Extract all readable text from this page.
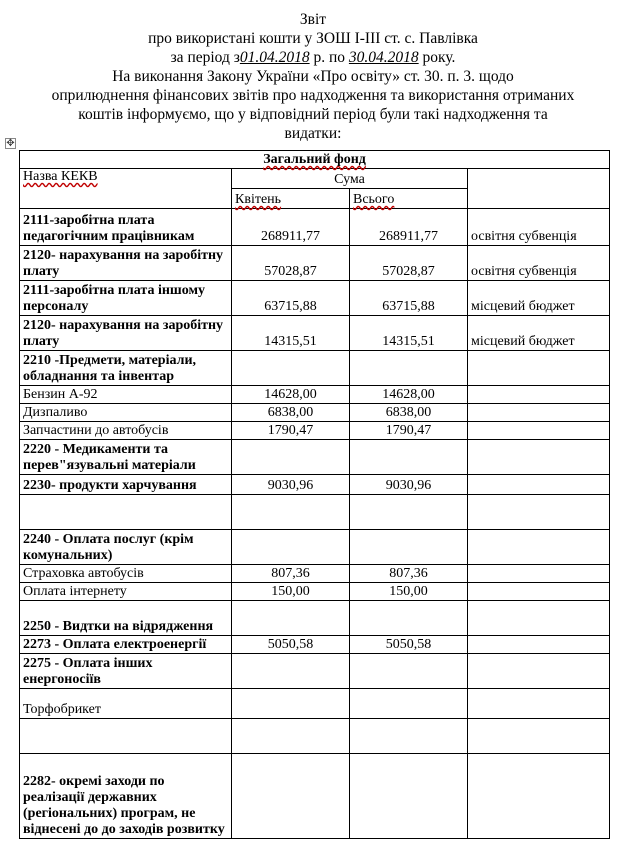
Звіт
про використані кошти у ЗОШ І-ІІІ ст. с. Павлівка
за період з01.04.2018 р. по 30.04.2018 року.
На виконання Закону України «Про освіту» ст. 30. п. 3. щодо
оприлюднення фінансових звітів про надходження та використання отриманих
коштів інформуємо, що у відповідний період були такі надходження та
видатки:
✥
Загальний фонд			
Назва КЕКВ	Сума		
	Квітень	Всього	
2111-заробітна плата педагогічним працівникам	268911,77	268911,77	освітня субвенція
2120- нарахування на заробітну плату	57028,87	57028,87	освітня субвенція
2111-заробітна плата іншому персоналу	63715,88	63715,88	місцевий бюджет
2120- нарахування на заробітну плату	14315,51	14315,51	місцевий бюджет
2210 -Предмети, матеріали, обладнання та інвентар			
Бензин А-92	14628,00	14628,00	
Дизпаливо	6838,00	6838,00	
Запчастини до автобусів	1790,47	1790,47	
2220 - Медикаменти та перев"язувальні матеріали			
2230- продукти харчування	9030,96	9030,96	

2240 - Оплата послуг (крім комунальних)			
Страховка автобусів	807,36	807,36	
Оплата інтернету	150,00	150,00	
2250 - Видтки на відрядження			
2273 - Оплата електроенергії	5050,58	5050,58	
2275 - Оплата інших енергоносіїв			
Торфобрикет			

2282- окремі заходи по реалізації державних (регіональних) програм, не віднесені до до заходів розвитку			
